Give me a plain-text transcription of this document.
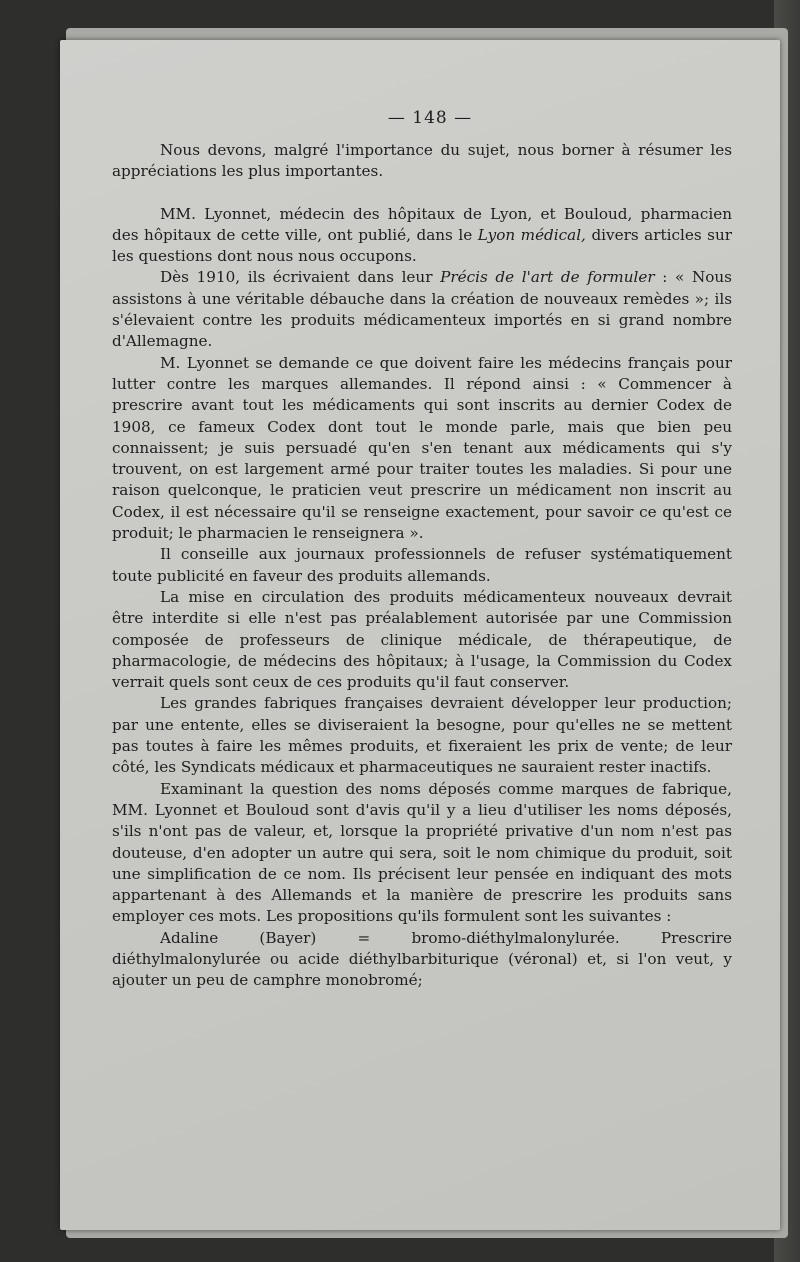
— 148 —

Nous devons, malgré l'importance du sujet, nous borner à résumer les appréciations les plus importantes.

MM. Lyonnet, médecin des hôpitaux de Lyon, et Bouloud, pharmacien des hôpitaux de cette ville, ont publié, dans le Lyon médical, divers articles sur les questions dont nous nous occupons.

Dès 1910, ils écrivaient dans leur Précis de l'art de formuler : « Nous assistons à une véritable débauche dans la création de nouveaux remèdes »; ils s'élevaient contre les produits médicamenteux importés en si grand nombre d'Allemagne.

M. Lyonnet se demande ce que doivent faire les médecins français pour lutter contre les marques allemandes. Il répond ainsi : « Commencer à prescrire avant tout les médicaments qui sont inscrits au dernier Codex de 1908, ce fameux Codex dont tout le monde parle, mais que bien peu connaissent; je suis persuadé qu'en s'en tenant aux médicaments qui s'y trouvent, on est largement armé pour traiter toutes les maladies. Si pour une raison quelconque, le praticien veut prescrire un médicament non inscrit au Codex, il est nécessaire qu'il se renseigne exactement, pour savoir ce qu'est ce produit; le pharmacien le renseignera ».

Il conseille aux journaux professionnels de refuser systématiquement toute publicité en faveur des produits allemands.

La mise en circulation des produits médicamenteux nouveaux devrait être interdite si elle n'est pas préalablement autorisée par une Commission composée de professeurs de clinique médicale, de thérapeutique, de pharmacologie, de médecins des hôpitaux; à l'usage, la Commission du Codex verrait quels sont ceux de ces produits qu'il faut conserver.

Les grandes fabriques françaises devraient développer leur production; par une entente, elles se diviseraient la besogne, pour qu'elles ne se mettent pas toutes à faire les mêmes produits, et fixeraient les prix de vente; de leur côté, les Syndicats médicaux et pharmaceutiques ne sauraient rester inactifs.

Examinant la question des noms déposés comme marques de fabrique, MM. Lyonnet et Bouloud sont d'avis qu'il y a lieu d'utiliser les noms déposés, s'ils n'ont pas de valeur, et, lorsque la propriété privative d'un nom n'est pas douteuse, d'en adopter un autre qui sera, soit le nom chimique du produit, soit une simplification de ce nom. Ils précisent leur pensée en indiquant des mots appartenant à des Allemands et la manière de prescrire les produits sans employer ces mots. Les propositions qu'ils formulent sont les suivantes :

Adaline (Bayer) = bromo-diéthylmalonylurée. Prescrire diéthylmalonylurée ou acide diéthylbarbiturique (véronal) et, si l'on veut, y ajouter un peu de camphre monobromé;
